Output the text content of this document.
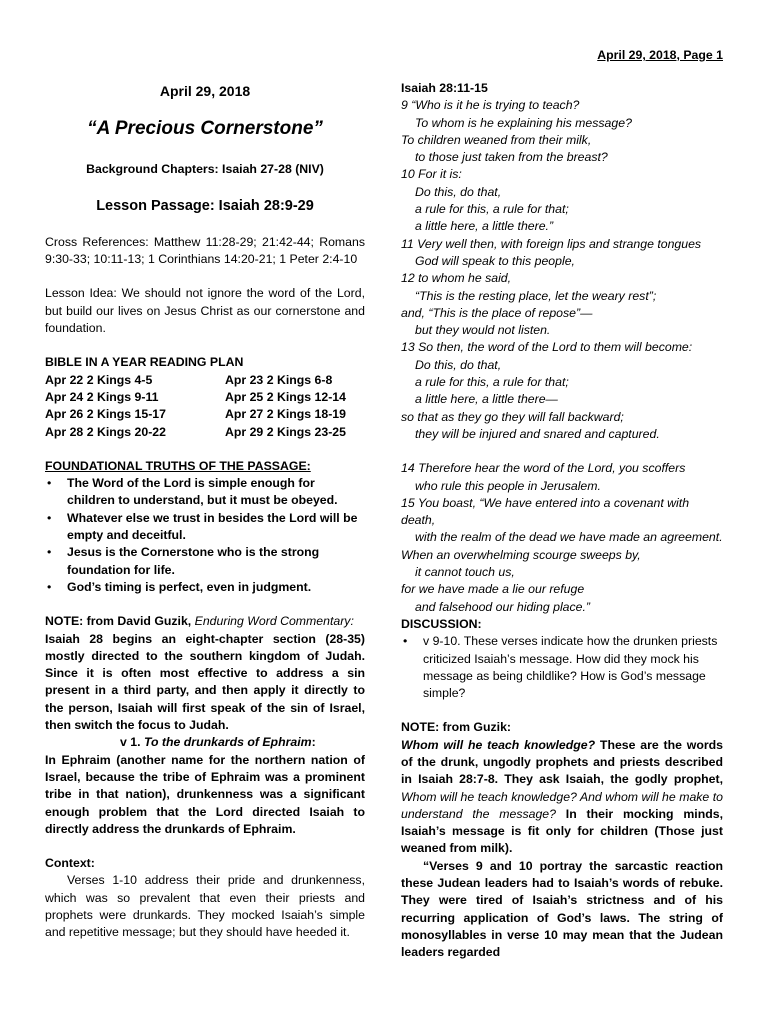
April 29, 2018, Page 1

April 29, 2018

“A Precious Cornerstone”

Background Chapters: Isaiah 27-28 (NIV)

Lesson Passage: Isaiah 28:9-29

Cross References: Matthew 11:28-29; 21:42-44; Romans 9:30-33; 10:11-13; 1 Corinthians 14:20-21; 1 Peter 2:4-10

Lesson Idea: We should not ignore the word of the Lord, but build our lives on Jesus Christ as our cornerstone and foundation.

BIBLE IN A YEAR READING PLAN

Apr 22 2 Kings 4-5	Apr 23 2 Kings 6-8
Apr 24 2 Kings 9-11	Apr 25 2 Kings 12-14
Apr 26 2 Kings 15-17	Apr 27 2 Kings 18-19
Apr 28 2 Kings 20-22	Apr 29 2 Kings 23-25

FOUNDATIONAL TRUTHS OF THE PASSAGE:

• The Word of the Lord is simple enough for children to understand, but it must be obeyed.
• Whatever else we trust in besides the Lord will be empty and deceitful.
• Jesus is the Cornerstone who is the strong foundation for life.
• God’s timing is perfect, even in judgment.

NOTE: from David Guzik, Enduring Word Commentary:

Isaiah 28 begins an eight-chapter section (28-35) mostly directed to the southern kingdom of Judah. Since it is often most effective to address a sin present in a third party, and then apply it directly to the person, Isaiah will first speak of the sin of Israel, then switch the focus to Judah.

v 1. To the drunkards of Ephraim:

In Ephraim (another name for the northern nation of Israel, because the tribe of Ephraim was a prominent tribe in that nation), drunkenness was a significant enough problem that the Lord directed Isaiah to directly address the drunkards of Ephraim.

Context:

Verses 1-10 address their pride and drunkenness, which was so prevalent that even their priests and prophets were drunkards. They mocked Isaiah’s simple and repetitive message; but they should have heeded it.

Isaiah 28:11-15

9 “Who is it he is trying to teach?

To whom is he explaining his message?

To children weaned from their milk,

to those just taken from the breast?

10 For it is:

Do this, do that,

a rule for this, a rule for that;

a little here, a little there.”

11 Very well then, with foreign lips and strange tongues

God will speak to this people,

12 to whom he said,

“This is the resting place, let the weary rest”;

and, “This is the place of repose”—

but they would not listen.

13 So then, the word of the Lord to them will become:

Do this, do that,

a rule for this, a rule for that;

a little here, a little there—

so that as they go they will fall backward;

they will be injured and snared and captured.

14 Therefore hear the word of the Lord, you scoffers

who rule this people in Jerusalem.

15 You boast, “We have entered into a covenant with death,

with the realm of the dead we have made an agreement.

When an overwhelming scourge sweeps by,

it cannot touch us,

for we have made a lie our refuge

and falsehood our hiding place.”

DISCUSSION:

• v 9-10. These verses indicate how the drunken priests criticized Isaiah’s message. How did they mock his message as being childlike? How is God’s message simple?

NOTE: from Guzik:

Whom will he teach knowledge? These are the words of the drunk, ungodly prophets and priests described in Isaiah 28:7-8. They ask Isaiah, the godly prophet, Whom will he teach knowledge? And whom will he make to understand the message? In their mocking minds, Isaiah’s message is fit only for children (Those just weaned from milk).

“Verses 9 and 10 portray the sarcastic reaction these Judean leaders had to Isaiah’s words of rebuke. They were tired of Isaiah’s strictness and of his recurring application of God’s laws. The string of monosyllables in verse 10 may mean that the Judean leaders regarded
